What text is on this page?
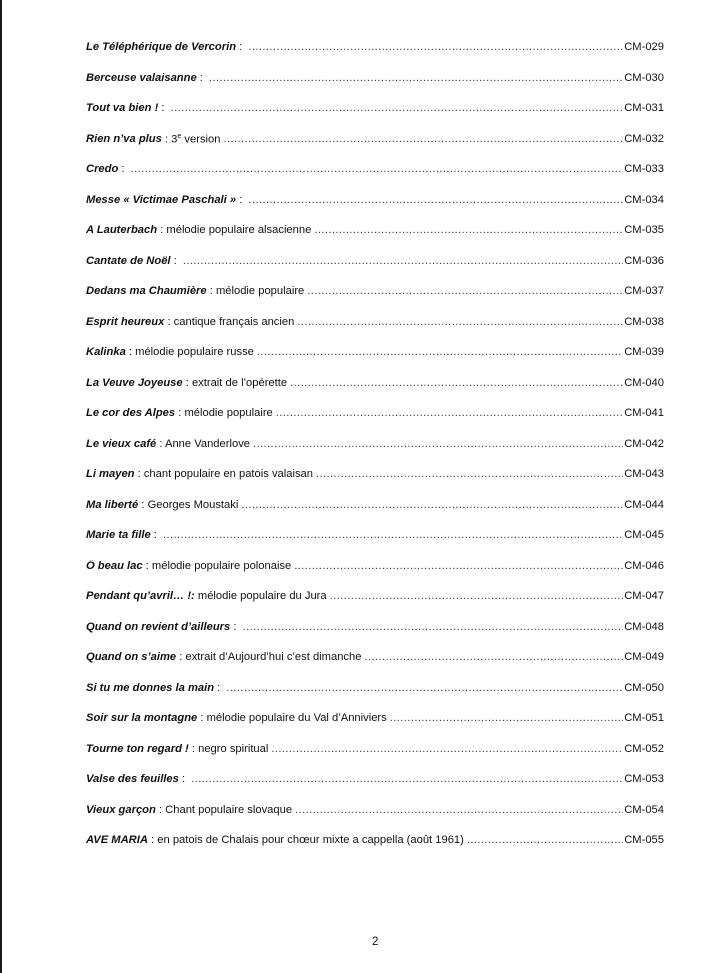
Le Téléphérique de Vercorin : .....	CM-029
Berceuse valaisanne : .....	CM-030
Tout va bien ! : .....	CM-031
Rien n’va plus : 3e version .....	CM-032
Credo : .....	CM-033
Messe « Victimae Paschali » : .....	CM-034
A Lauterbach : mélodie populaire alsacienne .....	CM-035
Cantate de Noël : .....	CM-036
Dedans ma Chaumière : mélodie populaire .....	CM-037
Esprit heureux : cantique français ancien .....	CM-038
Kalinka : mélodie populaire russe .....	CM-039
La Veuve Joyeuse : extrait de l’opérette .....	CM-040
Le cor des Alpes : mélodie populaire .....	CM-041
Le vieux café : Anne Vanderlove .....	CM-042
Li mayen : chant populaire en patois valaisan .....	CM-043
Ma liberté : Georges Moustaki .....	CM-044
Marie ta fille : .....	CM-045
Ô beau lac : mélodie populaire polonaise .....	CM-046
Pendant qu’avril… !: mélodie populaire du Jura .....	CM-047
Quand on revient d’ailleurs : .....	CM-048
Quand on s’aime : extrait d’Aujourd’hui c’est dimanche .....	CM-049
Si tu me donnes la main : .....	CM-050
Soir sur la montagne : mélodie populaire du Val d’Anniviers .....	CM-051
Tourne ton regard ! : negro spiritual .....	CM-052
Valse des feuilles : .....	CM-053
Vieux garçon : Chant populaire slovaque .....	CM-054
AVE MARIA : en patois de Chalais pour chœur mixte a cappella (août 1961) .....	CM-055
2
